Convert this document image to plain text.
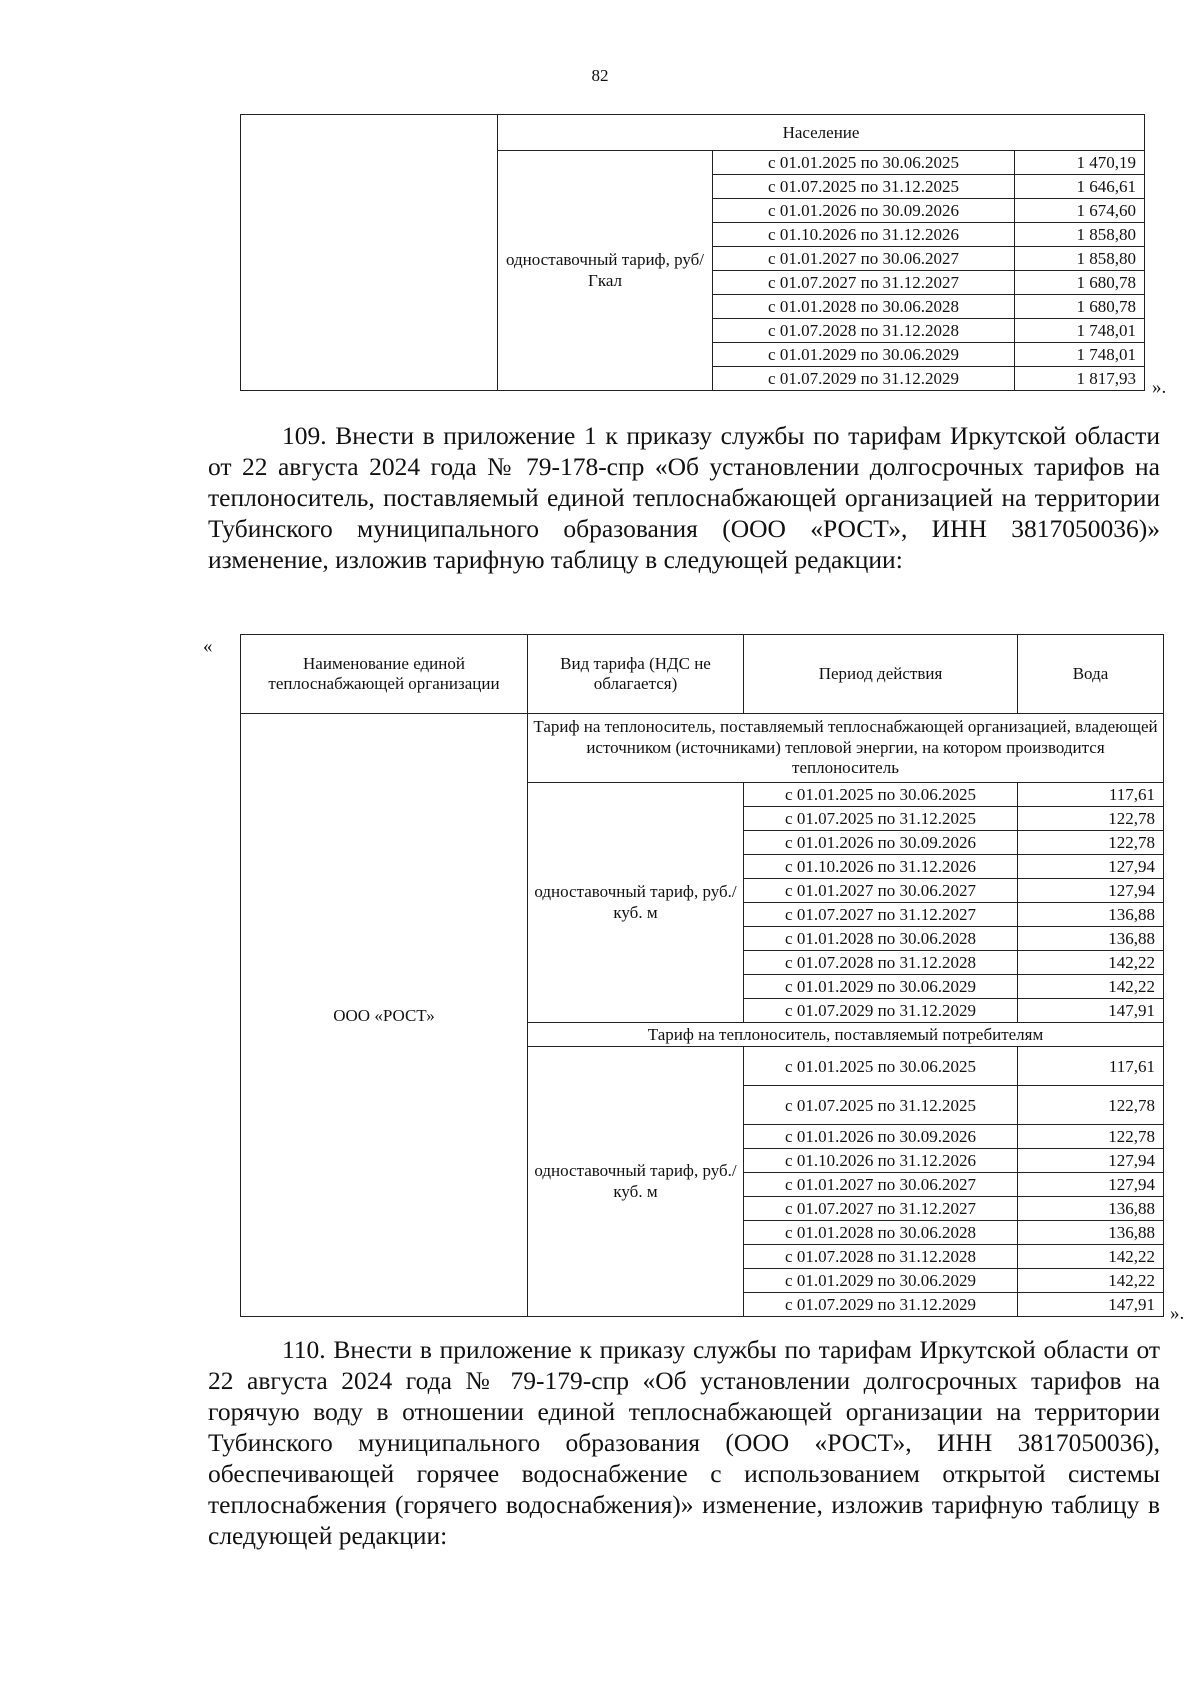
82
	Население		
	одноставочный тариф, руб/Гкал	с 01.01.2025 по 30.06.2025	1 470,19
		с 01.07.2025 по 31.12.2025	1 646,61
		с 01.01.2026 по 30.09.2026	1 674,60
		с 01.10.2026 по 31.12.2026	1 858,80
		с 01.01.2027 по 30.06.2027	1 858,80
		с 01.07.2027 по 31.12.2027	1 680,78
		с 01.01.2028 по 30.06.2028	1 680,78
		с 01.07.2028 по 31.12.2028	1 748,01
		с 01.01.2029 по 30.06.2029	1 748,01
		с 01.07.2029 по 31.12.2029	1 817,93 ».

109. Внести в приложение 1 к приказу службы по тарифам Иркутской области от 22 августа 2024 года № 79-178-спр «Об установлении долгосрочных тарифов на теплоноситель, поставляемый единой теплоснабжающей организацией на территории Тубинского муниципального образования (ООО «РОСТ», ИНН 3817050036)» изменение, изложив тарифную таблицу в следующей редакции:

«
Наименование единой теплоснабжающей организации	Вид тарифа (НДС не облагается)	Период действия	Вода
ООО «РОСТ»	Тариф на теплоноситель, поставляемый теплоснабжающей организацией, владеющей источником (источниками) тепловой энергии, на котором производится теплоноситель		
	одноставочный тариф, руб./куб. м	с 01.01.2025 по 30.06.2025	117,61
		с 01.07.2025 по 31.12.2025	122,78
		с 01.01.2026 по 30.09.2026	122,78
		с 01.10.2026 по 31.12.2026	127,94
		с 01.01.2027 по 30.06.2027	127,94
		с 01.07.2027 по 31.12.2027	136,88
		с 01.01.2028 по 30.06.2028	136,88
		с 01.07.2028 по 31.12.2028	142,22
		с 01.01.2029 по 30.06.2029	142,22
		с 01.07.2029 по 31.12.2029	147,91
	Тариф на теплоноситель, поставляемый потребителям		
	одноставочный тариф, руб./куб. м	с 01.01.2025 по 30.06.2025	117,61
		с 01.07.2025 по 31.12.2025	122,78
		с 01.01.2026 по 30.09.2026	122,78
		с 01.10.2026 по 31.12.2026	127,94
		с 01.01.2027 по 30.06.2027	127,94
		с 01.07.2027 по 31.12.2027	136,88
		с 01.01.2028 по 30.06.2028	136,88
		с 01.07.2028 по 31.12.2028	142,22
		с 01.01.2029 по 30.06.2029	142,22
		с 01.07.2029 по 31.12.2029	147,91 ».

110. Внести в приложение к приказу службы по тарифам Иркутской области от 22 августа 2024 года № 79-179-спр «Об установлении долгосрочных тарифов на горячую воду в отношении единой теплоснабжающей организации на территории Тубинского муниципального образования (ООО «РОСТ», ИНН 3817050036), обеспечивающей горячее водоснабжение с использованием открытой системы теплоснабжения (горячего водоснабжения)» изменение, изложив тарифную таблицу в следующей редакции:
